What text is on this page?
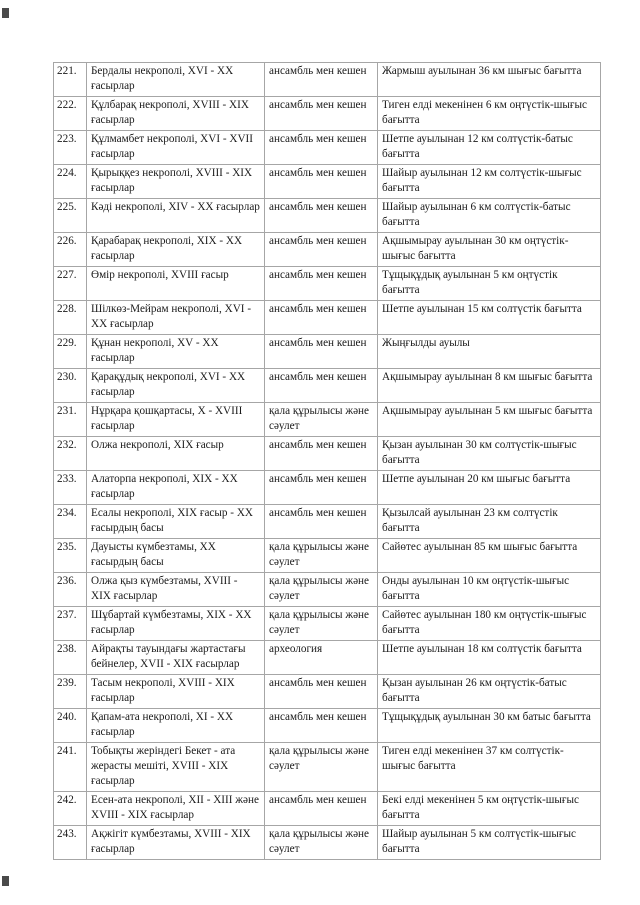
221.	Бердалы некрополі, XVI - XX ғасырлар	ансамбль мен кешен	Жармыш ауылынан 36 км шығыс бағытта
222.	Құлбарақ некрополі, XVIII - XIX ғасырлар	ансамбль мен кешен	Тиген елді мекенінен 6 км оңтүстік-шығыс бағытта
223.	Құлмамбет некрополі, XVI - XVII ғасырлар	ансамбль мен кешен	Шетпе ауылынан 12 км солтүстік-батыс бағытта
224.	Қырыққез некрополі, XVIII - XIX ғасырлар	ансамбль мен кешен	Шайыр ауылынан 12 км солтүстік-шығыс бағытта
225.	Кәді некрополі, XIV - XX ғасырлар	ансамбль мен кешен	Шайыр ауылынан 6 км солтүстік-батыс бағытта
226.	Қарабарақ некрополі, XIX - XX ғасырлар	ансамбль мен кешен	Ақшымырау ауылынан 30 км оңтүстік-шығыс бағытта
227.	Өмір некрополі, XVIII ғасыр	ансамбль мен кешен	Тұщықұдық ауылынан 5 км оңтүстік бағытта
228.	Шілкөз-Мейрам некрополі, XVI - XX ғасырлар	ансамбль мен кешен	Шетпе ауылынан 15 км солтүстік бағытта
229.	Құнан некрополі, XV - XX ғасырлар	ансамбль мен кешен	Жыңғылды ауылы
230.	Қарақұдық некрополі, XVI - XX ғасырлар	ансамбль мен кешен	Ақшымырау ауылынан 8 км шығыс бағытта
231.	Нұрқара қошқартасы, X - XVIII ғасырлар	қала құрылысы және сәулет	Ақшымырау ауылынан 5 км шығыс бағытта
232.	Олжа некрополі, XIX ғасыр	ансамбль мен кешен	Қызан ауылынан 30 км солтүстік-шығыс бағытта
233.	Алаторпа некрополі, XIX - XX ғасырлар	ансамбль мен кешен	Шетпе ауылынан 20 км шығыс бағытта
234.	Есалы некрополі, XIX ғасыр - XX ғасырдың басы	ансамбль мен кешен	Қызылсай ауылынан 23 км солтүстік бағытта
235.	Дауысты күмбезтамы, XX ғасырдың басы	қала құрылысы және сәулет	Сайөтес ауылынан 85 км шығыс бағытта
236.	Олжа қыз күмбезтамы, XVIII - XIX ғасырлар	қала құрылысы және сәулет	Онды ауылынан 10 км оңтүстік-шығыс бағытта
237.	Шұбартай күмбезтамы, XIX - XX ғасырлар	қала құрылысы және сәулет	Сайөтес ауылынан 180 км оңтүстік-шығыс бағытта
238.	Айрақты тауындағы жартастағы бейнелер, XVII - XIX ғасырлар	археология	Шетпе ауылынан 18 км солтүстік бағытта
239.	Тасым некрополі, XVIII - XIX ғасырлар	ансамбль мен кешен	Қызан ауылынан 26 км оңтүстік-батыс бағытта
240.	Қапам-ата некрополі, XI - XX ғасырлар	ансамбль мен кешен	Тұщықұдық ауылынан 30 км батыс бағытта
241.	Тобықты жеріндегі Бекет - ата жерасты мешіті, XVIII - XIX ғасырлар	қала құрылысы және сәулет	Тиген елді мекенінен 37 км солтүстік-шығыс бағытта
242.	Есен-ата некрополі, XII - XIII және XVIII - XIX ғасырлар	ансамбль мен кешен	Бекі елді мекенінен 5 км оңтүстік-шығыс бағытта
243.	Ақжігіт күмбезтамы, XVIII - XIX ғасырлар	қала құрылысы және сәулет	Шайыр ауылынан 5 км солтүстік-шығыс бағытта
